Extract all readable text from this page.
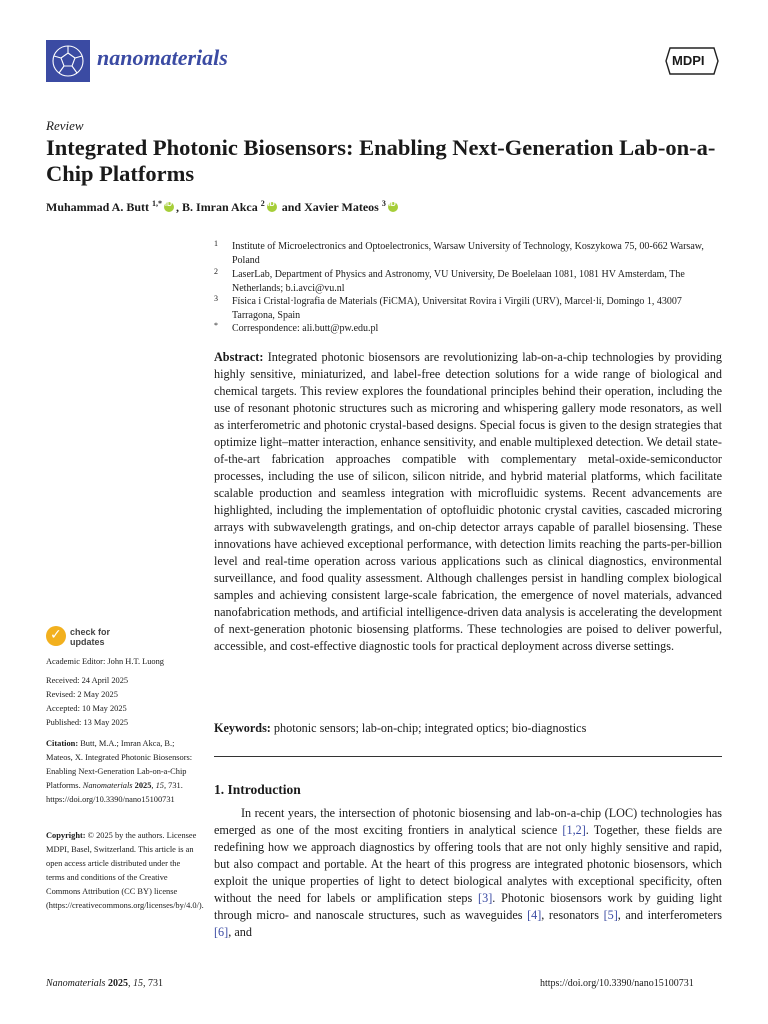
nanomaterials	MDPI
Review
Integrated Photonic Biosensors: Enabling Next-Generation Lab-on-a-Chip Platforms
Muhammad A. Butt $^{1,*}$iD , B. Imran Akca $^2$iD and Xavier Mateos $^3$iD
1 Institute of Microelectronics and Optoelectronics, Warsaw University of Technology, Koszykowa 75, 00-662 Warsaw, Poland
2 LaserLab, Department of Physics and Astronomy, VU University, De Boelelaan 1081, 1081 HV Amsterdam, The Netherlands; b.i.avci@vu.nl
3 Física i Cristal·lografia de Materials (FiCMA), Universitat Rovira i Virgili (URV), Marcel·lí, Domingo 1, 43007 Tarragona, Spain
* Correspondence: ali.butt@pw.edu.pl
Abstract: Integrated photonic biosensors are revolutionizing lab-on-a-chip technologies by providing highly sensitive, miniaturized, and label-free detection solutions for a wide range of biological and chemical targets. This review explores the foundational principles behind their operation, including the use of resonant photonic structures such as microring and whispering gallery mode resonators, as well as interferometric and photonic crystal-based designs. Special focus is given to the design strategies that optimize light–matter interaction, enhance sensitivity, and enable multiplexed detection. We detail state-of-the-art fabrication approaches compatible with complementary metal-oxide-semiconductor processes, including the use of silicon, silicon nitride, and hybrid material platforms, which facilitate scalable production and seamless integration with microfluidic systems. Recent advancements are highlighted, including the implementation of optofluidic photonic crystal cavities, cascaded microring arrays with subwavelength gratings, and on-chip detector arrays capable of parallel biosensing. These innovations have achieved exceptional performance, with detection limits reaching the parts-per-billion level and real-time operation across various applications such as clinical diagnostics, environmental surveillance, and food quality assessment. Although challenges persist in handling complex biological samples and achieving consistent large-scale fabrication, the emergence of novel materials, advanced nanofabrication methods, and artificial intelligence-driven data analysis is accelerating the development of next-generation photonic biosensing platforms. These technologies are poised to deliver powerful, accessible, and cost-effective diagnostic tools for practical deployment across diverse settings.
Keywords: photonic sensors; lab-on-chip; integrated optics; bio-diagnostics
1. Introduction
In recent years, the intersection of photonic biosensing and lab-on-a-chip (LOC) technologies has emerged as one of the most exciting frontiers in analytical science [1,2]. Together, these fields are redefining how we approach diagnostics by offering tools that are not only highly sensitive and rapid, but also compact and portable. At the heart of this progress are integrated photonic biosensors, which exploit the unique properties of light to detect biological analytes with exceptional specificity, often without the need for labels or amplification steps [3]. Photonic biosensors work by guiding light through micro- and nanoscale structures, such as waveguides [4], resonators [5], and interferometers [6], and
✓
check for
updates
Academic Editor: John H.T. Luong
Received: 24 April 2025
Revised: 2 May 2025
Accepted: 10 May 2025
Published: 13 May 2025
Citation: Butt, M.A.; Imran Akca, B.; Mateos, X. Integrated Photonic Biosensors: Enabling Next-Generation Lab-on-a-Chip Platforms. Nanomaterials 2025, 15, 731. https://doi.org/10.3390/nano15100731
Copyright: © 2025 by the authors. Licensee MDPI, Basel, Switzerland. This article is an open access article distributed under the terms and conditions of the Creative Commons Attribution (CC BY) license (https://creativecommons.org/licenses/by/4.0/).
Nanomaterials 2025, 15, 731	https://doi.org/10.3390/nano15100731
